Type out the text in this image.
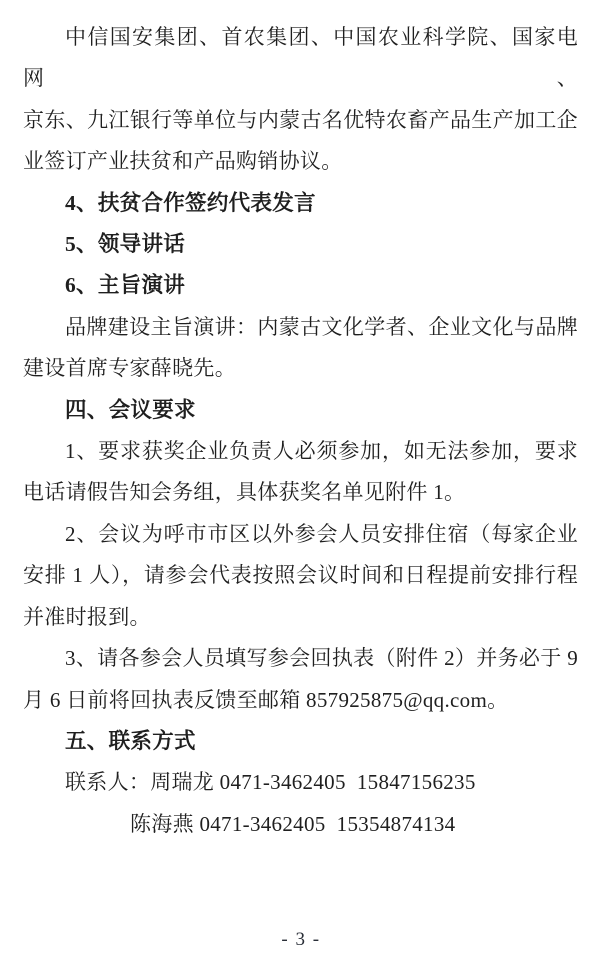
中信国安集团、首农集团、中国农业科学院、国家电网、
京东、九江银行等单位与内蒙古名优特农畜产品生产加工企
业签订产业扶贫和产品购销协议。
4、扶贫合作签约代表发言
5、领导讲话
6、主旨演讲
品牌建设主旨演讲：内蒙古文化学者、企业文化与品牌
建设首席专家薛晓先。
四、会议要求
1、要求获奖企业负责人必须参加，如无法参加，要求
电话请假告知会务组，具体获奖名单见附件 1。
2、会议为呼市市区以外参会人员安排住宿（每家企业
安排 1 人），请参会代表按照会议时间和日程提前安排行程
并准时报到。
3、请各参会人员填写参会回执表（附件 2）并务必于 9
月 6 日前将回执表反馈至邮箱 857925875@qq.com。
五、联系方式
联系人：周瑞龙 0471-3462405  15847156235
陈海燕 0471-3462405  15354874134
- 3 -
